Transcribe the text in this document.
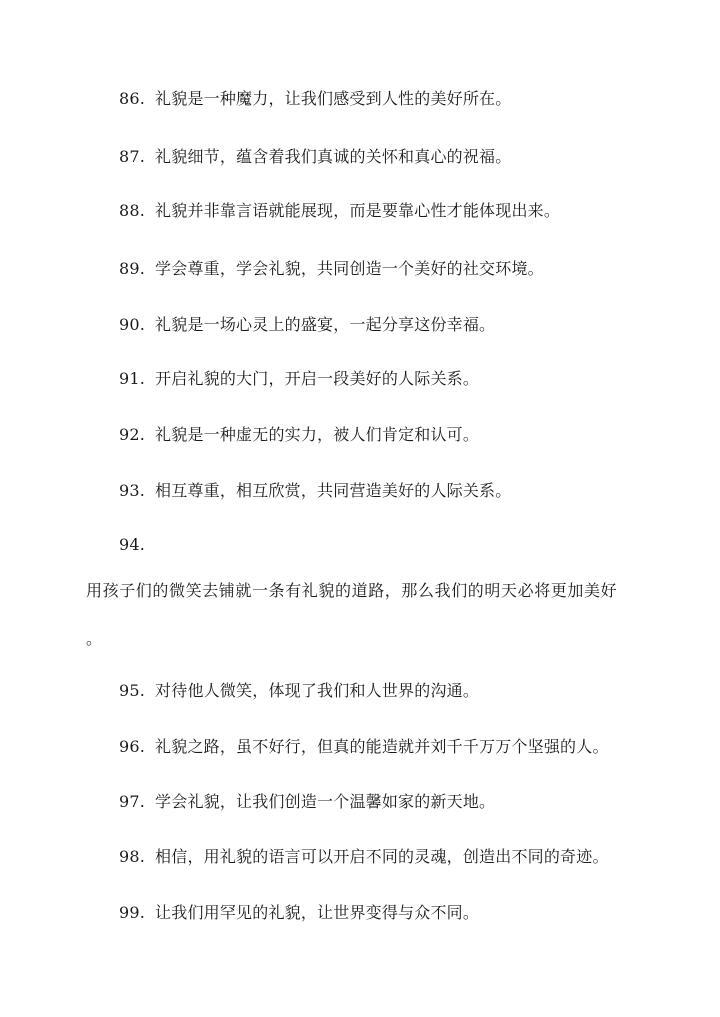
86. 礼貌是一种魔力，让我们感受到人性的美好所在。
87. 礼貌细节，蕴含着我们真诚的关怀和真心的祝福。
88. 礼貌并非靠言语就能展现，而是要靠心性才能体现出来。
89. 学会尊重，学会礼貌，共同创造一个美好的社交环境。
90. 礼貌是一场心灵上的盛宴，一起分享这份幸福。
91. 开启礼貌的大门，开启一段美好的人际关系。
92. 礼貌是一种虚无的实力，被人们肯定和认可。
93. 相互尊重，相互欣赏，共同营造美好的人际关系。
94.
用孩子们的微笑去铺就一条有礼貌的道路，那么我们的明天必将更加美好
。
95. 对待他人微笑，体现了我们和人世界的沟通。
96. 礼貌之路，虽不好行，但真的能造就并刘千千万万个坚强的人。
97. 学会礼貌，让我们创造一个温馨如家的新天地。
98. 相信，用礼貌的语言可以开启不同的灵魂，创造出不同的奇迹。
99. 让我们用罕见的礼貌，让世界变得与众不同。
